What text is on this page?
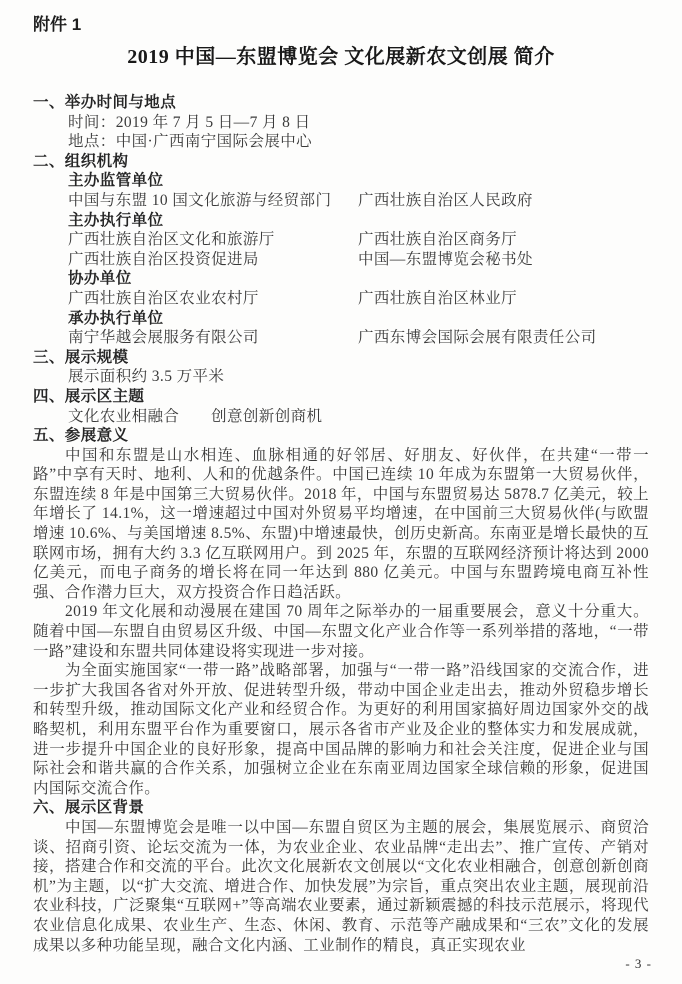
附件 1
2019 中国—东盟博览会 文化展新农文创展 简介
一、举办时间与地点
时间：2019 年 7 月 5 日—7 月 8 日
地点：中国·广西南宁国际会展中心
二、组织机构
主办监管单位
中国与东盟 10 国文化旅游与经贸部门	广西壮族自治区人民政府
主办执行单位
广西壮族自治区文化和旅游厅	广西壮族自治区商务厅
广西壮族自治区投资促进局	中国—东盟博览会秘书处
协办单位
广西壮族自治区农业农村厅	广西壮族自治区林业厅
承办执行单位
南宁华越会展服务有限公司	广西东博会国际会展有限责任公司
三、展示规模
展示面积约 3.5 万平米
四、展示区主题
文化农业相融合　　创意创新创商机
五、参展意义

中国和东盟是山水相连、血脉相通的好邻居、好朋友、好伙伴，在共建“一带一路”中享有天时、地利、人和的优越条件。中国已连续 10 年成为东盟第一大贸易伙伴，东盟连续 8 年是中国第三大贸易伙伴。2018 年，中国与东盟贸易达 5878.7 亿美元，较上年增长了 14.1%，这一增速超过中国对外贸易平均增速，在中国前三大贸易伙伴(与欧盟增速 10.6%、与美国增速 8.5%、东盟)中增速最快，创历史新高。东南亚是增长最快的互联网市场，拥有大约 3.3 亿互联网用户。到 2025 年，东盟的互联网经济预计将达到 2000 亿美元，而电子商务的增长将在同一年达到 880 亿美元。中国与东盟跨境电商互补性强、合作潜力巨大，双方投资合作日趋活跃。

2019 年文化展和动漫展在建国 70 周年之际举办的一届重要展会，意义十分重大。随着中国—东盟自由贸易区升级、中国—东盟文化产业合作等一系列举措的落地，“一带一路”建设和东盟共同体建设将实现进一步对接。

为全面实施国家“一带一路”战略部署，加强与“一带一路”沿线国家的交流合作，进一步扩大我国各省对外开放、促进转型升级，带动中国企业走出去，推动外贸稳步增长和转型升级，推动国际文化产业和经贸合作。为更好的利用国家搞好周边国家外交的战略契机，利用东盟平台作为重要窗口，展示各省市产业及企业的整体实力和发展成就，进一步提升中国企业的良好形象，提高中国品牌的影响力和社会关注度，促进企业与国际社会和谐共赢的合作关系，加强树立企业在东南亚周边国家全球信赖的形象，促进国内国际交流合作。

六、展示区背景

中国—东盟博览会是唯一以中国—东盟自贸区为主题的展会，集展览展示、商贸洽谈、招商引资、论坛交流为一体，为农业企业、农业品牌“走出去”、推广宣传、产销对接，搭建合作和交流的平台。此次文化展新农文创展以“文化农业相融合，创意创新创商机”为主题，以“扩大交流、增进合作、加快发展”为宗旨，重点突出农业主题，展现前沿农业科技，广泛聚集“互联网+”等高端农业要素，通过新颖震撼的科技示范展示，将现代农业信息化成果、农业生产、生态、休闲、教育、示范等产融成果和“三农”文化的发展成果以多种功能呈现，融合文化内涵、工业制作的精良，真正实现农业

- 3 -
